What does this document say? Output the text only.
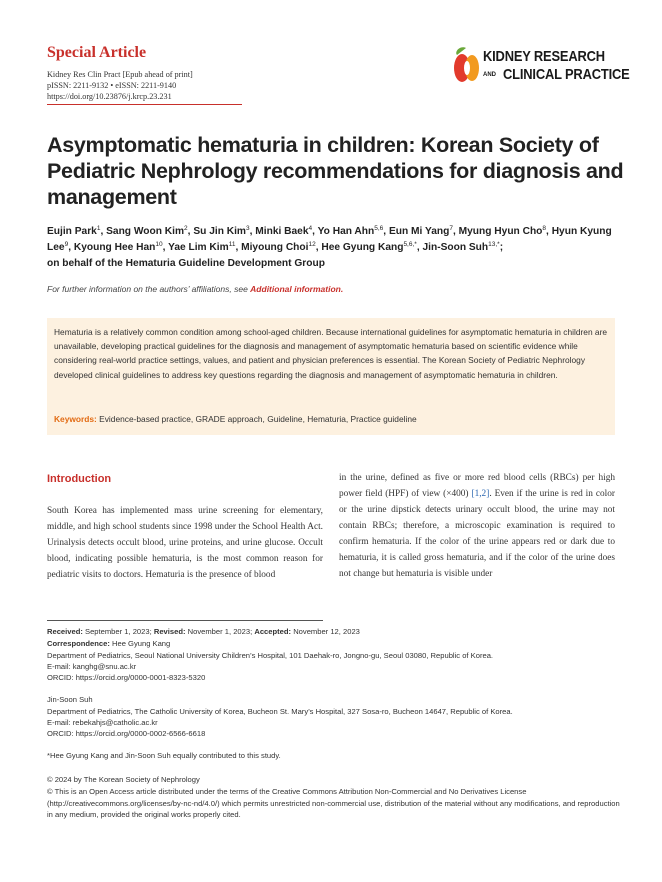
Special Article
Kidney Res Clin Pract [Epub ahead of print]
pISSN: 2211-9132 • eISSN: 2211-9140
https://doi.org/10.23876/j.krcp.23.231
KIDNEY RESEARCH
AND CLINICAL PRACTICE
Asymptomatic hematuria in children: Korean Society of Pediatric Nephrology recommendations for diagnosis and management
Eujin Park$^1$, Sang Woon Kim$^2$, Su Jin Kim$^3$, Minki Baek$^4$, Yo Han Ahn$^{5,6}$, Eun Mi Yang$^7$, Myung Hyun Cho$^8$, Hyun Kyung Lee$^9$, Kyoung Hee Han$^{10}$, Yae Lim Kim$^{11}$, Miyoung Choi$^{12}$, Hee Gyung Kang$^{5,6,*}$, Jin-Soon Suh$^{13,*}$;
on behalf of the Hematuria Guideline Development Group
For further information on the authors’ affiliations, see Additional information.
Hematuria is a relatively common condition among school-aged children. Because international guidelines for asymptomatic hematuria in children are unavailable, developing practical guidelines for the diagnosis and management of asymptomatic hematuria based on scientific evidence while considering real-world practice settings, values, and patient and physician preferences is essential. The Korean Society of Pediatric Nephrology developed clinical guidelines to address key questions regarding the diagnosis and management of asymptomatic hematuria in children.
Keywords: Evidence-based practice, GRADE approach, Guideline, Hematuria, Practice guideline
Introduction
South Korea has implemented mass urine screening for elementary, middle, and high school students since 1998 under the School Health Act. Urinalysis detects occult blood, urine proteins, and urine glucose. Occult blood, indicating possible hematuria, is the most common reason for pediatric visits to doctors. Hematuria is the presence of blood
in the urine, defined as five or more red blood cells (RBCs) per high power field (HPF) of view (×400) [1,2]. Even if the urine is red in color or the urine dipstick detects urinary occult blood, the urine may not contain RBCs; therefore, a microscopic examination is required to confirm hematuria. If the color of the urine appears red or dark due to hematuria, it is called gross hematuria, and if the color of the urine does not change but hematuria is visible under
Received: September 1, 2023; Revised: November 1, 2023; Accepted: November 12, 2023
Correspondence: Hee Gyung Kang
Department of Pediatrics, Seoul National University Children’s Hospital, 101 Daehak-ro, Jongno-gu, Seoul 03080, Republic of Korea.
E-mail: kanghg@snu.ac.kr
ORCID: https://orcid.org/0000-0001-8323-5320
Jin-Soon Suh
Department of Pediatrics, The Catholic University of Korea, Bucheon St. Mary’s Hospital, 327 Sosa-ro, Bucheon 14647, Republic of Korea.
E-mail: rebekahjs@catholic.ac.kr
ORCID: https://orcid.org/0000-0002-6566-6618
*Hee Gyung Kang and Jin-Soon Suh equally contributed to this study.
© 2024 by The Korean Society of Nephrology
© This is an Open Access article distributed under the terms of the Creative Commons Attribution Non-Commercial and No Derivatives License (http://creativecommons.org/licenses/by-nc-nd/4.0/) which permits unrestricted non-commercial use, distribution of the material without any modifications, and reproduction in any medium, provided the original works properly cited.
